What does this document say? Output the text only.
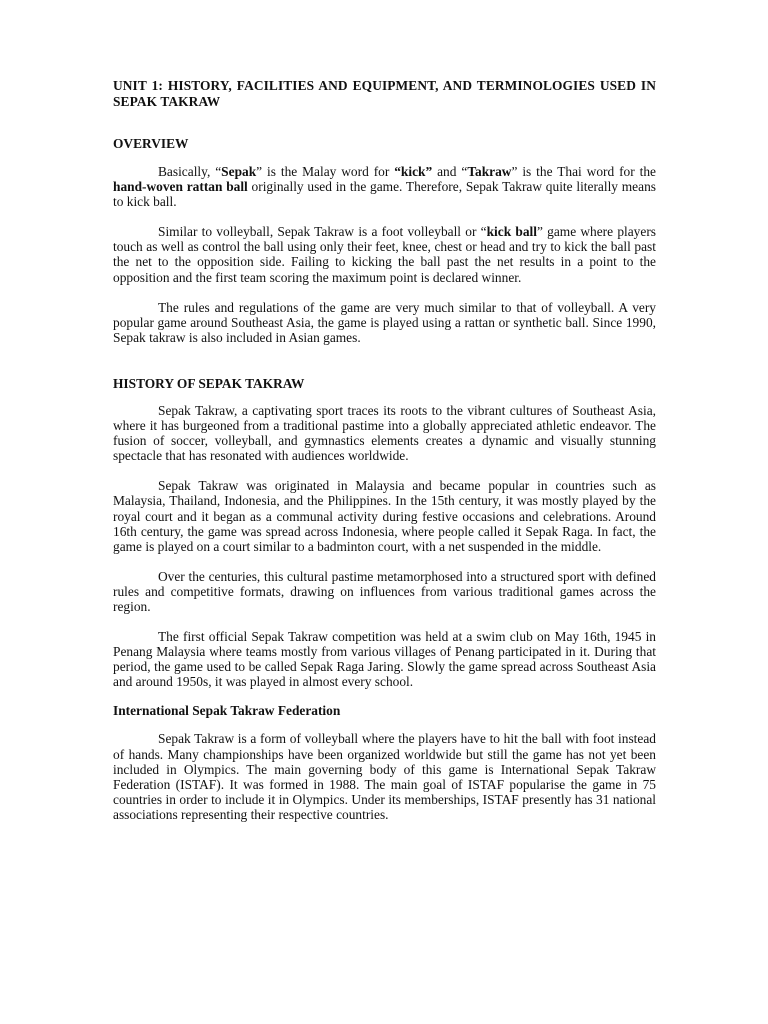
UNIT 1: HISTORY, FACILITIES AND EQUIPMENT, AND TERMINOLOGIES USED IN SEPAK TAKRAW
OVERVIEW

Basically, “Sepak” is the Malay word for “kick” and “Takraw” is the Thai word for the hand-woven rattan ball originally used in the game. Therefore, Sepak Takraw quite literally means to kick ball.

Similar to volleyball, Sepak Takraw is a foot volleyball or “kick ball” game where players touch as well as control the ball using only their feet, knee, chest or head and try to kick the ball past the net to the opposition side. Failing to kicking the ball past the net results in a point to the opposition and the first team scoring the maximum point is declared winner.

The rules and regulations of the game are very much similar to that of volleyball. A very popular game around Southeast Asia, the game is played using a rattan or synthetic ball. Since 1990, Sepak takraw is also included in Asian games.

HISTORY OF SEPAK TAKRAW

Sepak Takraw, a captivating sport traces its roots to the vibrant cultures of Southeast Asia, where it has burgeoned from a traditional pastime into a globally appreciated athletic endeavor. The fusion of soccer, volleyball, and gymnastics elements creates a dynamic and visually stunning spectacle that has resonated with audiences worldwide.

Sepak Takraw was originated in Malaysia and became popular in countries such as Malaysia, Thailand, Indonesia, and the Philippines. In the 15th century, it was mostly played by the royal court and it began as a communal activity during festive occasions and celebrations. Around 16th century, the game was spread across Indonesia, where people called it Sepak Raga. In fact, the game is played on a court similar to a badminton court, with a net suspended in the middle.

Over the centuries, this cultural pastime metamorphosed into a structured sport with defined rules and competitive formats, drawing on influences from various traditional games across the region.

The first official Sepak Takraw competition was held at a swim club on May 16th, 1945 in Penang Malaysia where teams mostly from various villages of Penang participated in it. During that period, the game used to be called Sepak Raga Jaring. Slowly the game spread across Southeast Asia and around 1950s, it was played in almost every school.

International Sepak Takraw Federation

Sepak Takraw is a form of volleyball where the players have to hit the ball with foot instead of hands. Many championships have been organized worldwide but still the game has not yet been included in Olympics. The main governing body of this game is International Sepak Takraw Federation (ISTAF). It was formed in 1988. The main goal of ISTAF popularise the game in 75 countries in order to include it in Olympics. Under its memberships, ISTAF presently has 31 national associations representing their respective countries.
